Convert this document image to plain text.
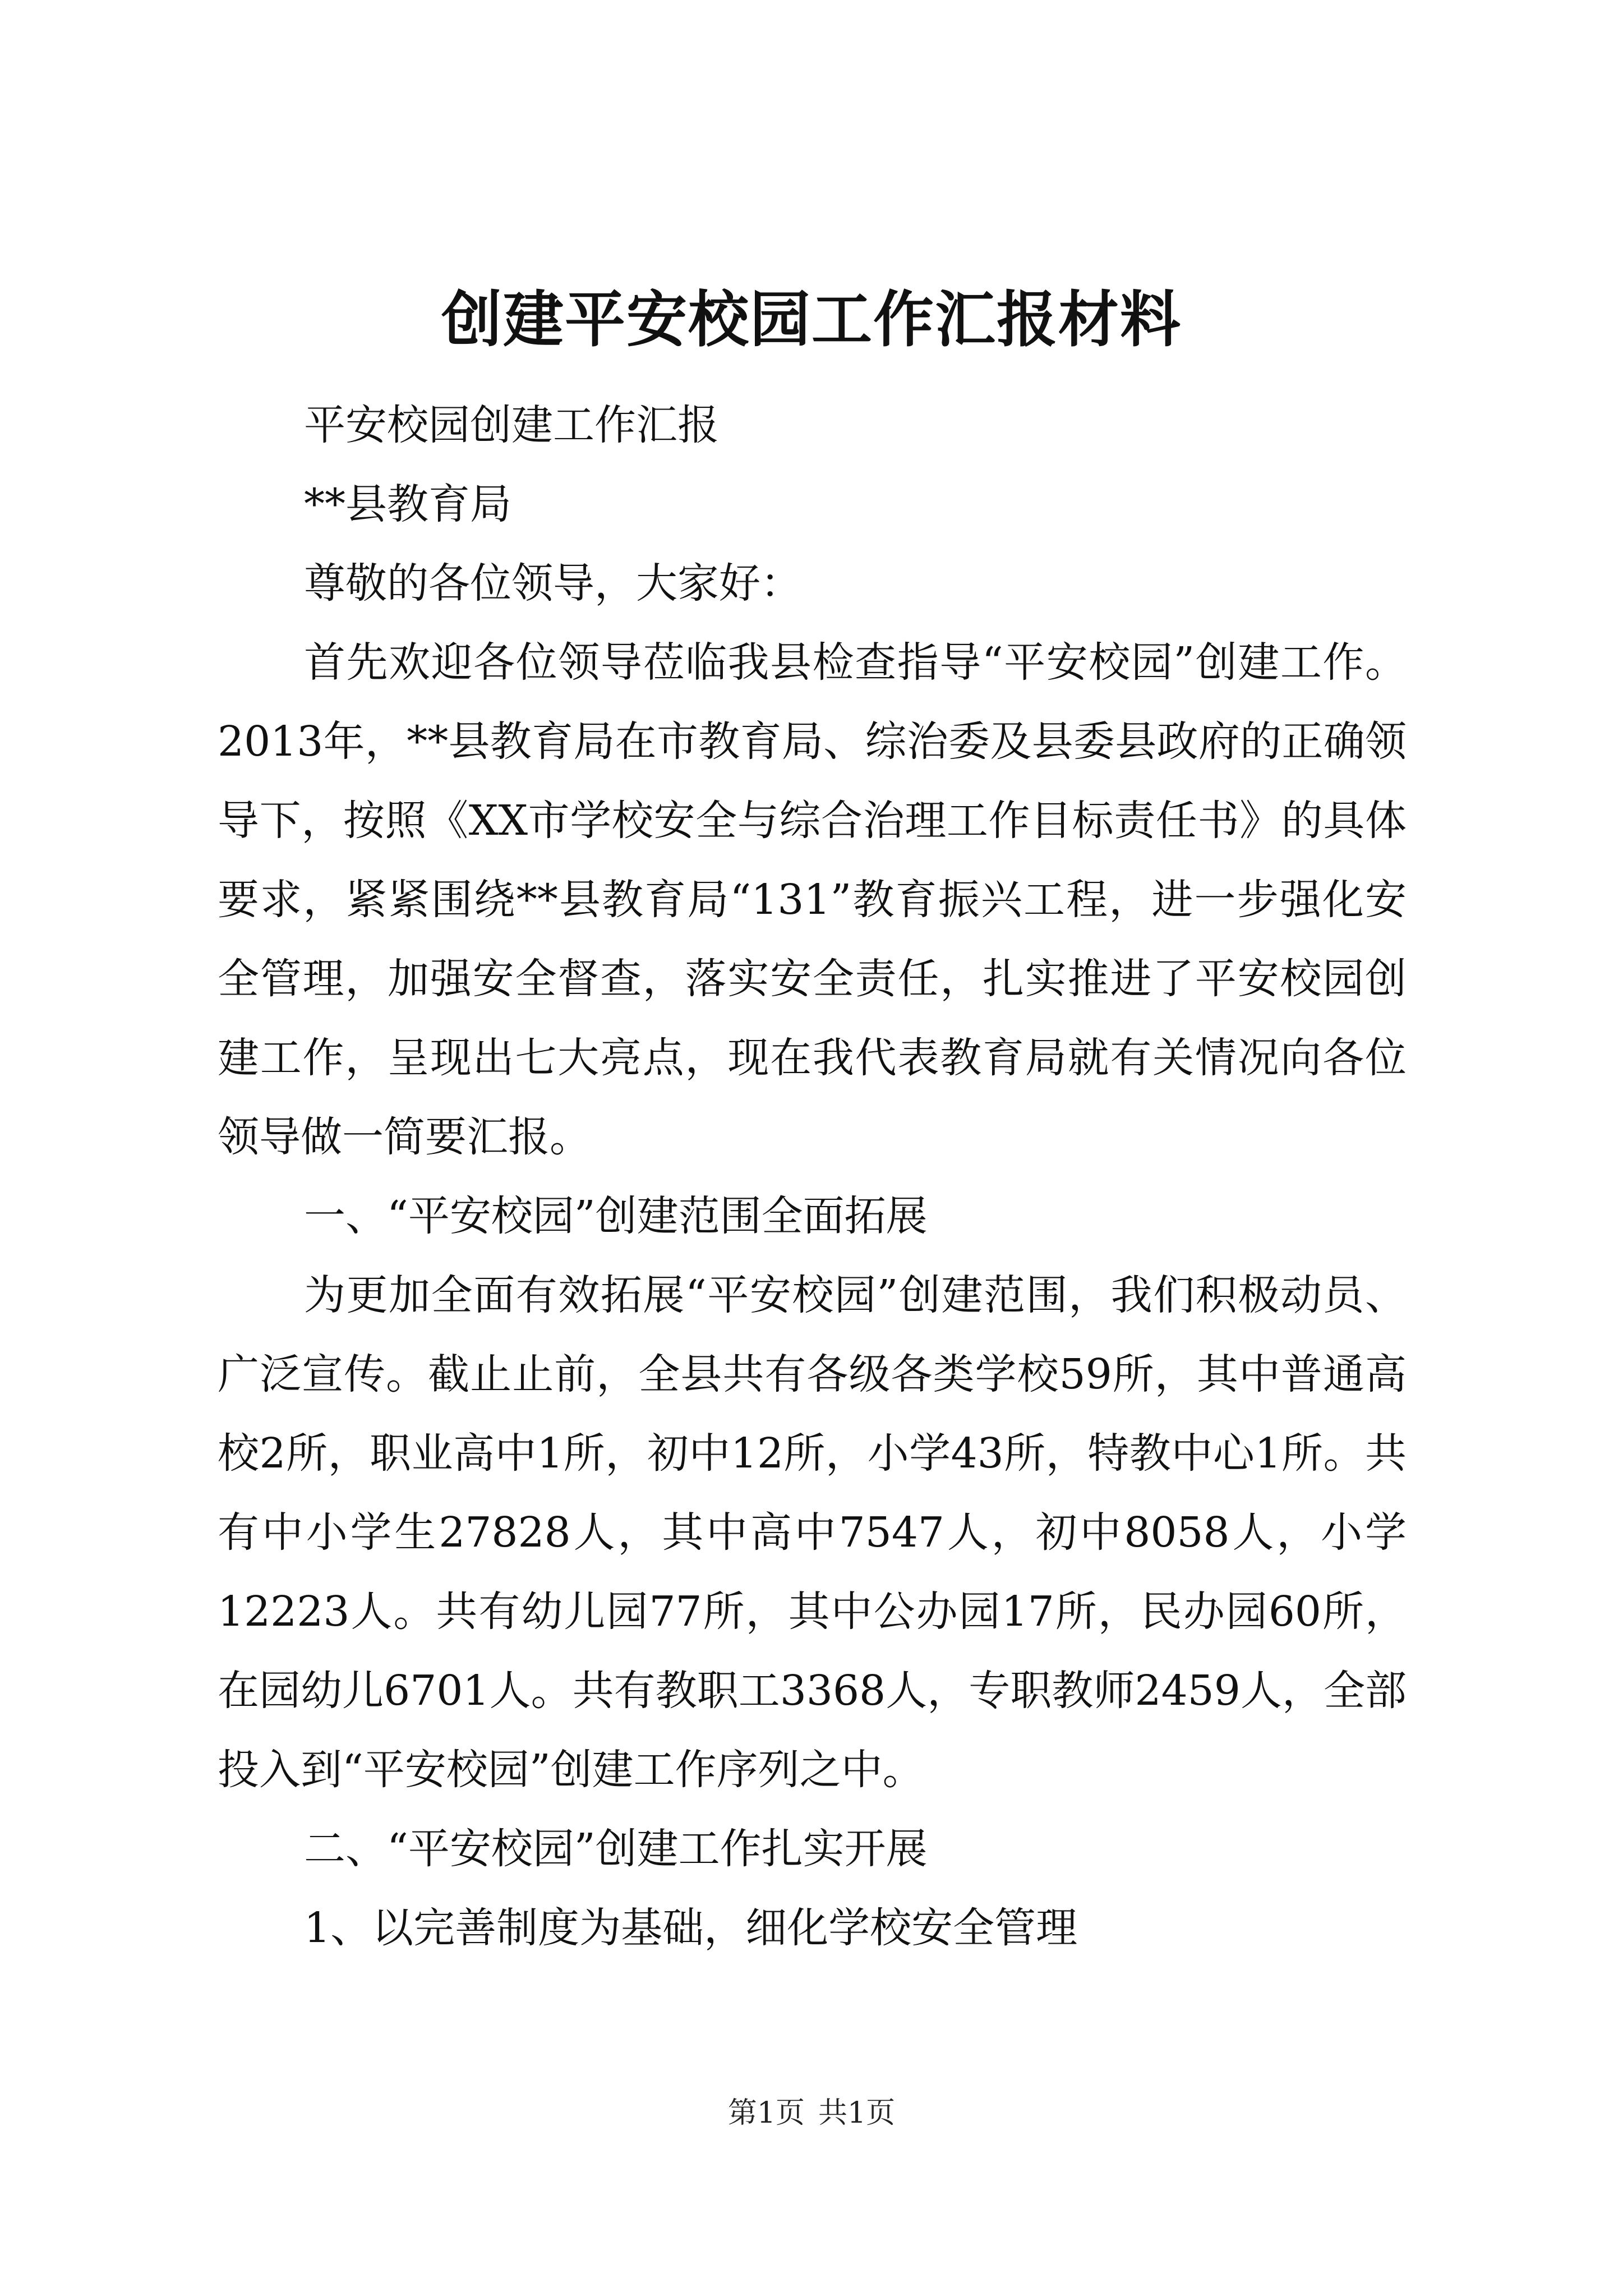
创建平安校园工作汇报材料

平安校园创建工作汇报

**县教育局

尊敬的各位领导，大家好：

首先欢迎各位领导莅临我县检查指导“平安校园”创建工作。2013年，**县教育局在市教育局、综治委及县委县政府的正确领导下，按照《XX市学校安全与综合治理工作目标责任书》的具体要求，紧紧围绕**县教育局“131”教育振兴工程，进一步强化安全管理，加强安全督查，落实安全责任，扎实推进了平安校园创建工作，呈现出七大亮点，现在我代表教育局就有关情况向各位领导做一简要汇报。

一、“平安校园”创建范围全面拓展

为更加全面有效拓展“平安校园”创建范围，我们积极动员、广泛宣传。截止止前，全县共有各级各类学校59所，其中普通高校2所，职业高中1所，初中12所，小学43所，特教中心1所。共有中小学生27828人，其中高中7547人，初中8058人，小学12223人。共有幼儿园77所，其中公办园17所，民办园60所，在园幼儿6701人。共有教职工3368人，专职教师2459人，全部投入到“平安校园”创建工作序列之中。

二、“平安校园”创建工作扎实开展

1、以完善制度为基础，细化学校安全管理

第1页 共1页
